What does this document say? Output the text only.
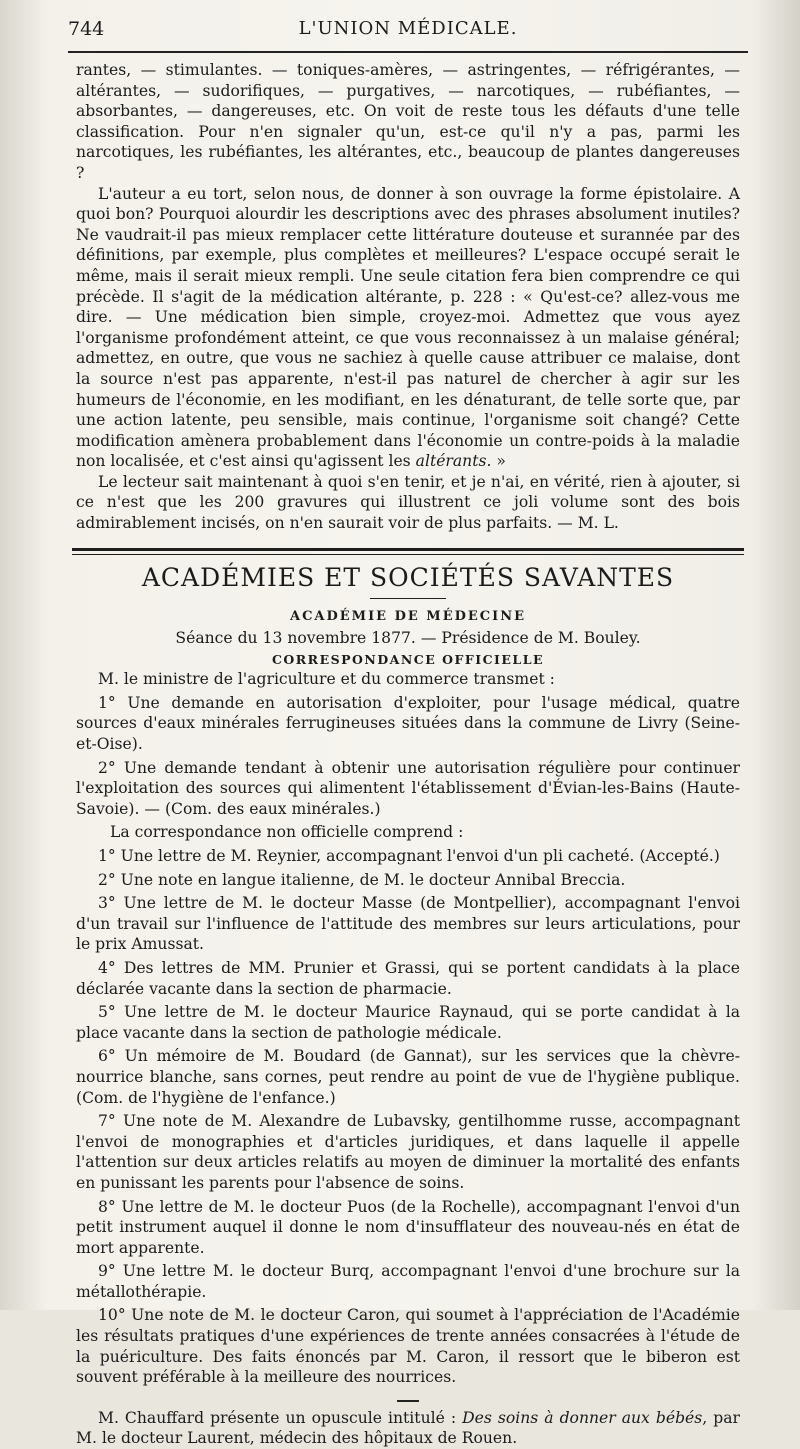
744	L'UNION MÉDICALE.

rantes, — stimulantes. — toniques-amères, — astringentes, — réfrigérantes, — altérantes, — sudorifiques, — purgatives, — narcotiques, — rubéfiantes, — absorbantes, — dangereuses, etc. On voit de reste tous les défauts d'une telle classification. Pour n'en signaler qu'un, est-ce qu'il n'y a pas, parmi les narcotiques, les rubéfiantes, les altérantes, etc., beaucoup de plantes dangereuses ?

L'auteur a eu tort, selon nous, de donner à son ouvrage la forme épistolaire. A quoi bon? Pourquoi alourdir les descriptions avec des phrases absolument inutiles? Ne vaudrait-il pas mieux remplacer cette littérature douteuse et surannée par des définitions, par exemple, plus complètes et meilleures? L'espace occupé serait le même, mais il serait mieux rempli. Une seule citation fera bien comprendre ce qui précède. Il s'agit de la médication altérante, p. 228 : « Qu'est-ce? allez-vous me dire. — Une médication bien simple, croyez-moi. Admettez que vous ayez l'organisme profondément atteint, ce que vous reconnaissez à un malaise général; admettez, en outre, que vous ne sachiez à quelle cause attribuer ce malaise, dont la source n'est pas apparente, n'est-il pas naturel de chercher à agir sur les humeurs de l'économie, en les modifiant, en les dénaturant, de telle sorte que, par une action latente, peu sensible, mais continue, l'organisme soit changé? Cette modification amènera probablement dans l'économie un contre-poids à la maladie non localisée, et c'est ainsi qu'agissent les altérants. »

Le lecteur sait maintenant à quoi s'en tenir, et je n'ai, en vérité, rien à ajouter, si ce n'est que les 200 gravures qui illustrent ce joli volume sont des bois admirablement incisés, on n'en saurait voir de plus parfaits. — M. L.

ACADÉMIES ET SOCIÉTÉS SAVANTES
ACADÉMIE DE MÉDECINE
Séance du 13 novembre 1877. — Présidence de M. Bouley.
CORRESPONDANCE OFFICIELLE

M. le ministre de l'agriculture et du commerce transmet :

1° Une demande en autorisation d'exploiter, pour l'usage médical, quatre sources d'eaux minérales ferrugineuses situées dans la commune de Livry (Seine-et-Oise).

2° Une demande tendant à obtenir une autorisation régulière pour continuer l'exploitation des sources qui alimentent l'établissement d'Évian-les-Bains (Haute-Savoie). — (Com. des eaux minérales.)

La correspondance non officielle comprend :

1° Une lettre de M. Reynier, accompagnant l'envoi d'un pli cacheté. (Accepté.)

2° Une note en langue italienne, de M. le docteur Annibal Breccia.

3° Une lettre de M. le docteur Masse (de Montpellier), accompagnant l'envoi d'un travail sur l'influence de l'attitude des membres sur leurs articulations, pour le prix Amussat.

4° Des lettres de MM. Prunier et Grassi, qui se portent candidats à la place déclarée vacante dans la section de pharmacie.

5° Une lettre de M. le docteur Maurice Raynaud, qui se porte candidat à la place vacante dans la section de pathologie médicale.

6° Un mémoire de M. Boudard (de Gannat), sur les services que la chèvre-nourrice blanche, sans cornes, peut rendre au point de vue de l'hygiène publique. (Com. de l'hygiène de l'enfance.)

7° Une note de M. Alexandre de Lubavsky, gentilhomme russe, accompagnant l'envoi de monographies et d'articles juridiques, et dans laquelle il appelle l'attention sur deux articles relatifs au moyen de diminuer la mortalité des enfants en punissant les parents pour l'absence de soins.

8° Une lettre de M. le docteur Puos (de la Rochelle), accompagnant l'envoi d'un petit instrument auquel il donne le nom d'insufflateur des nouveau-nés en état de mort apparente.

9° Une lettre M. le docteur Burq, accompagnant l'envoi d'une brochure sur la métallothérapie.

10° Une note de M. le docteur Caron, qui soumet à l'appréciation de l'Académie les résultats pratiques d'une expériences de trente années consacrées à l'étude de la puériculture. Des faits énoncés par M. Caron, il ressort que le biberon est souvent préférable à la meilleure des nourrices.

M. Chauffard présente un opuscule intitulé : Des soins à donner aux bébés, par M. le docteur Laurent, médecin des hôpitaux de Rouen.
